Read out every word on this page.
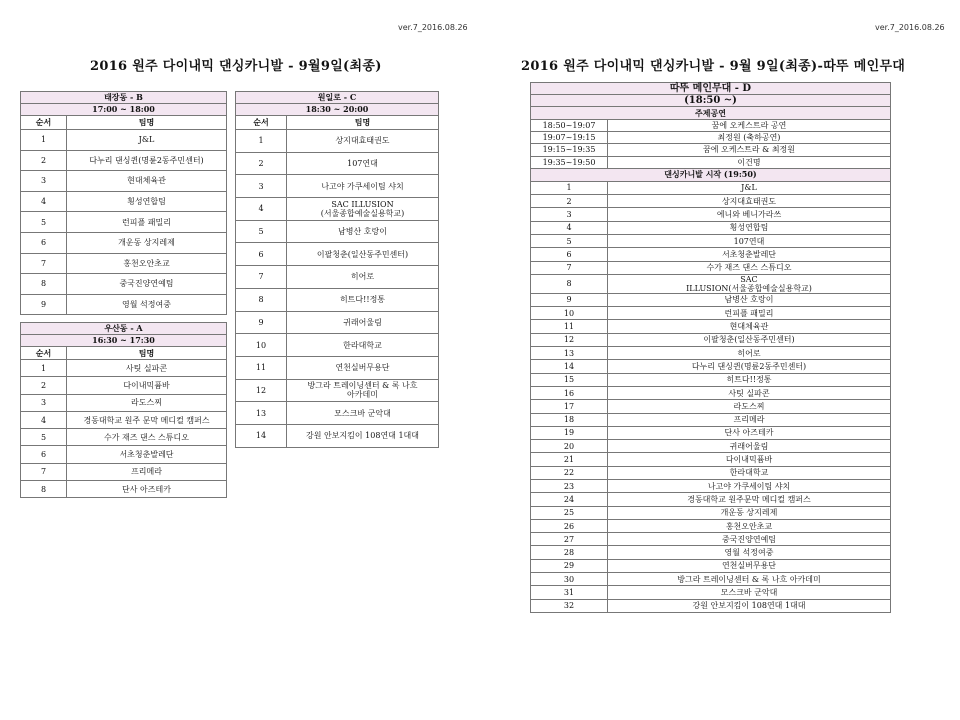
ver.7_2016.08.26
2016 원주 다이내믹 댄싱카니발 - 9월9일(최종)
태장동 - B	
17:00 ~ 18:00	
순서	팀명
1	J&L
2	다누리 댄싱퀸(명륜2동주민센터)
3	현대체육관
4	횡성연합팀
5	런피플 패밀리
6	개운동 상지레제
7	홍천오안초교
8	중국진양연예팀
9	영월 석정여중
우산동 - A	
16:30 ~ 17:30	
순서	팀명
1	사팃 실파콘
2	다이내믹퓸바
3	라도스찌
4	경동대학교 원주 문막 메디컬 캠퍼스
5	수가 재즈 댄스 스튜디오
6	서초청춘발레단
7	프리메라
8	단사 아즈테카
원일로 - C	
18:30 ~ 20:00	
순서	팀명
1	상지대효태권도
2	107연대
3	나고야 가쿠세이팀 샤치
4	SAC ILLUSION
(서울종합예술실용학교)
5	남병산 호랑이
6	이팔청춘(일산동주민센터)
7	히어로
8	히트다!!정통
9	귀래어울림
10	한라대학교
11	연천실버무용단
12	방그라 트레이닝센터 & 록 나흐
아카데미
13	모스크바 군악대
14	강원 안보지킴이 108연대 1대대
ver.7_2016.08.26
2016 원주 다이내믹 댄싱카니발 - 9월 9일(최종)-따뚜 메인무대
따뚜 메인무대 - D	
(18:50 ~)	
주제공연	
18:50~19:07	꿈에 오케스트라 공연
19:07~19:15	최정원 (축하공연)
19:15~19:35	꿈에 오케스트라 & 최정원
19:35~19:50	이건명
댄싱카니발 시작 (19:50)	
1	J&L
2	상지대효태권도
3	에니와 베니가라쓰
4	횡성연합팀
5	107연대
6	서초청춘발레단
7	수가 재즈 댄스 스튜디오
8	SAC
ILLUSION(서울종합예술실용학교)
9	남병산 호랑이
10	런피플 패밀리
11	현대체육관
12	이팔청춘(일산동주민센터)
13	히어로
14	다누리 댄싱퀸(명륜2동주민센터)
15	히트다!!정통
16	사팃 실파콘
17	라도스찌
18	프리메라
19	단사 아즈테카
20	귀래어울림
21	다이내믹퓸바
22	한라대학교
23	나고야 가쿠세이팀 샤치
24	경동대학교 원주문막 메디컬 캠퍼스
25	개운동 상지레제
26	홍천오안초교
27	중국진양연예팀
28	영월 석정여중
29	연천실버무용단
30	방그라 트레이닝센터 & 록 나흐 아카데미
31	모스크바 군악대
32	강원 안보지킴이 108연대 1대대
